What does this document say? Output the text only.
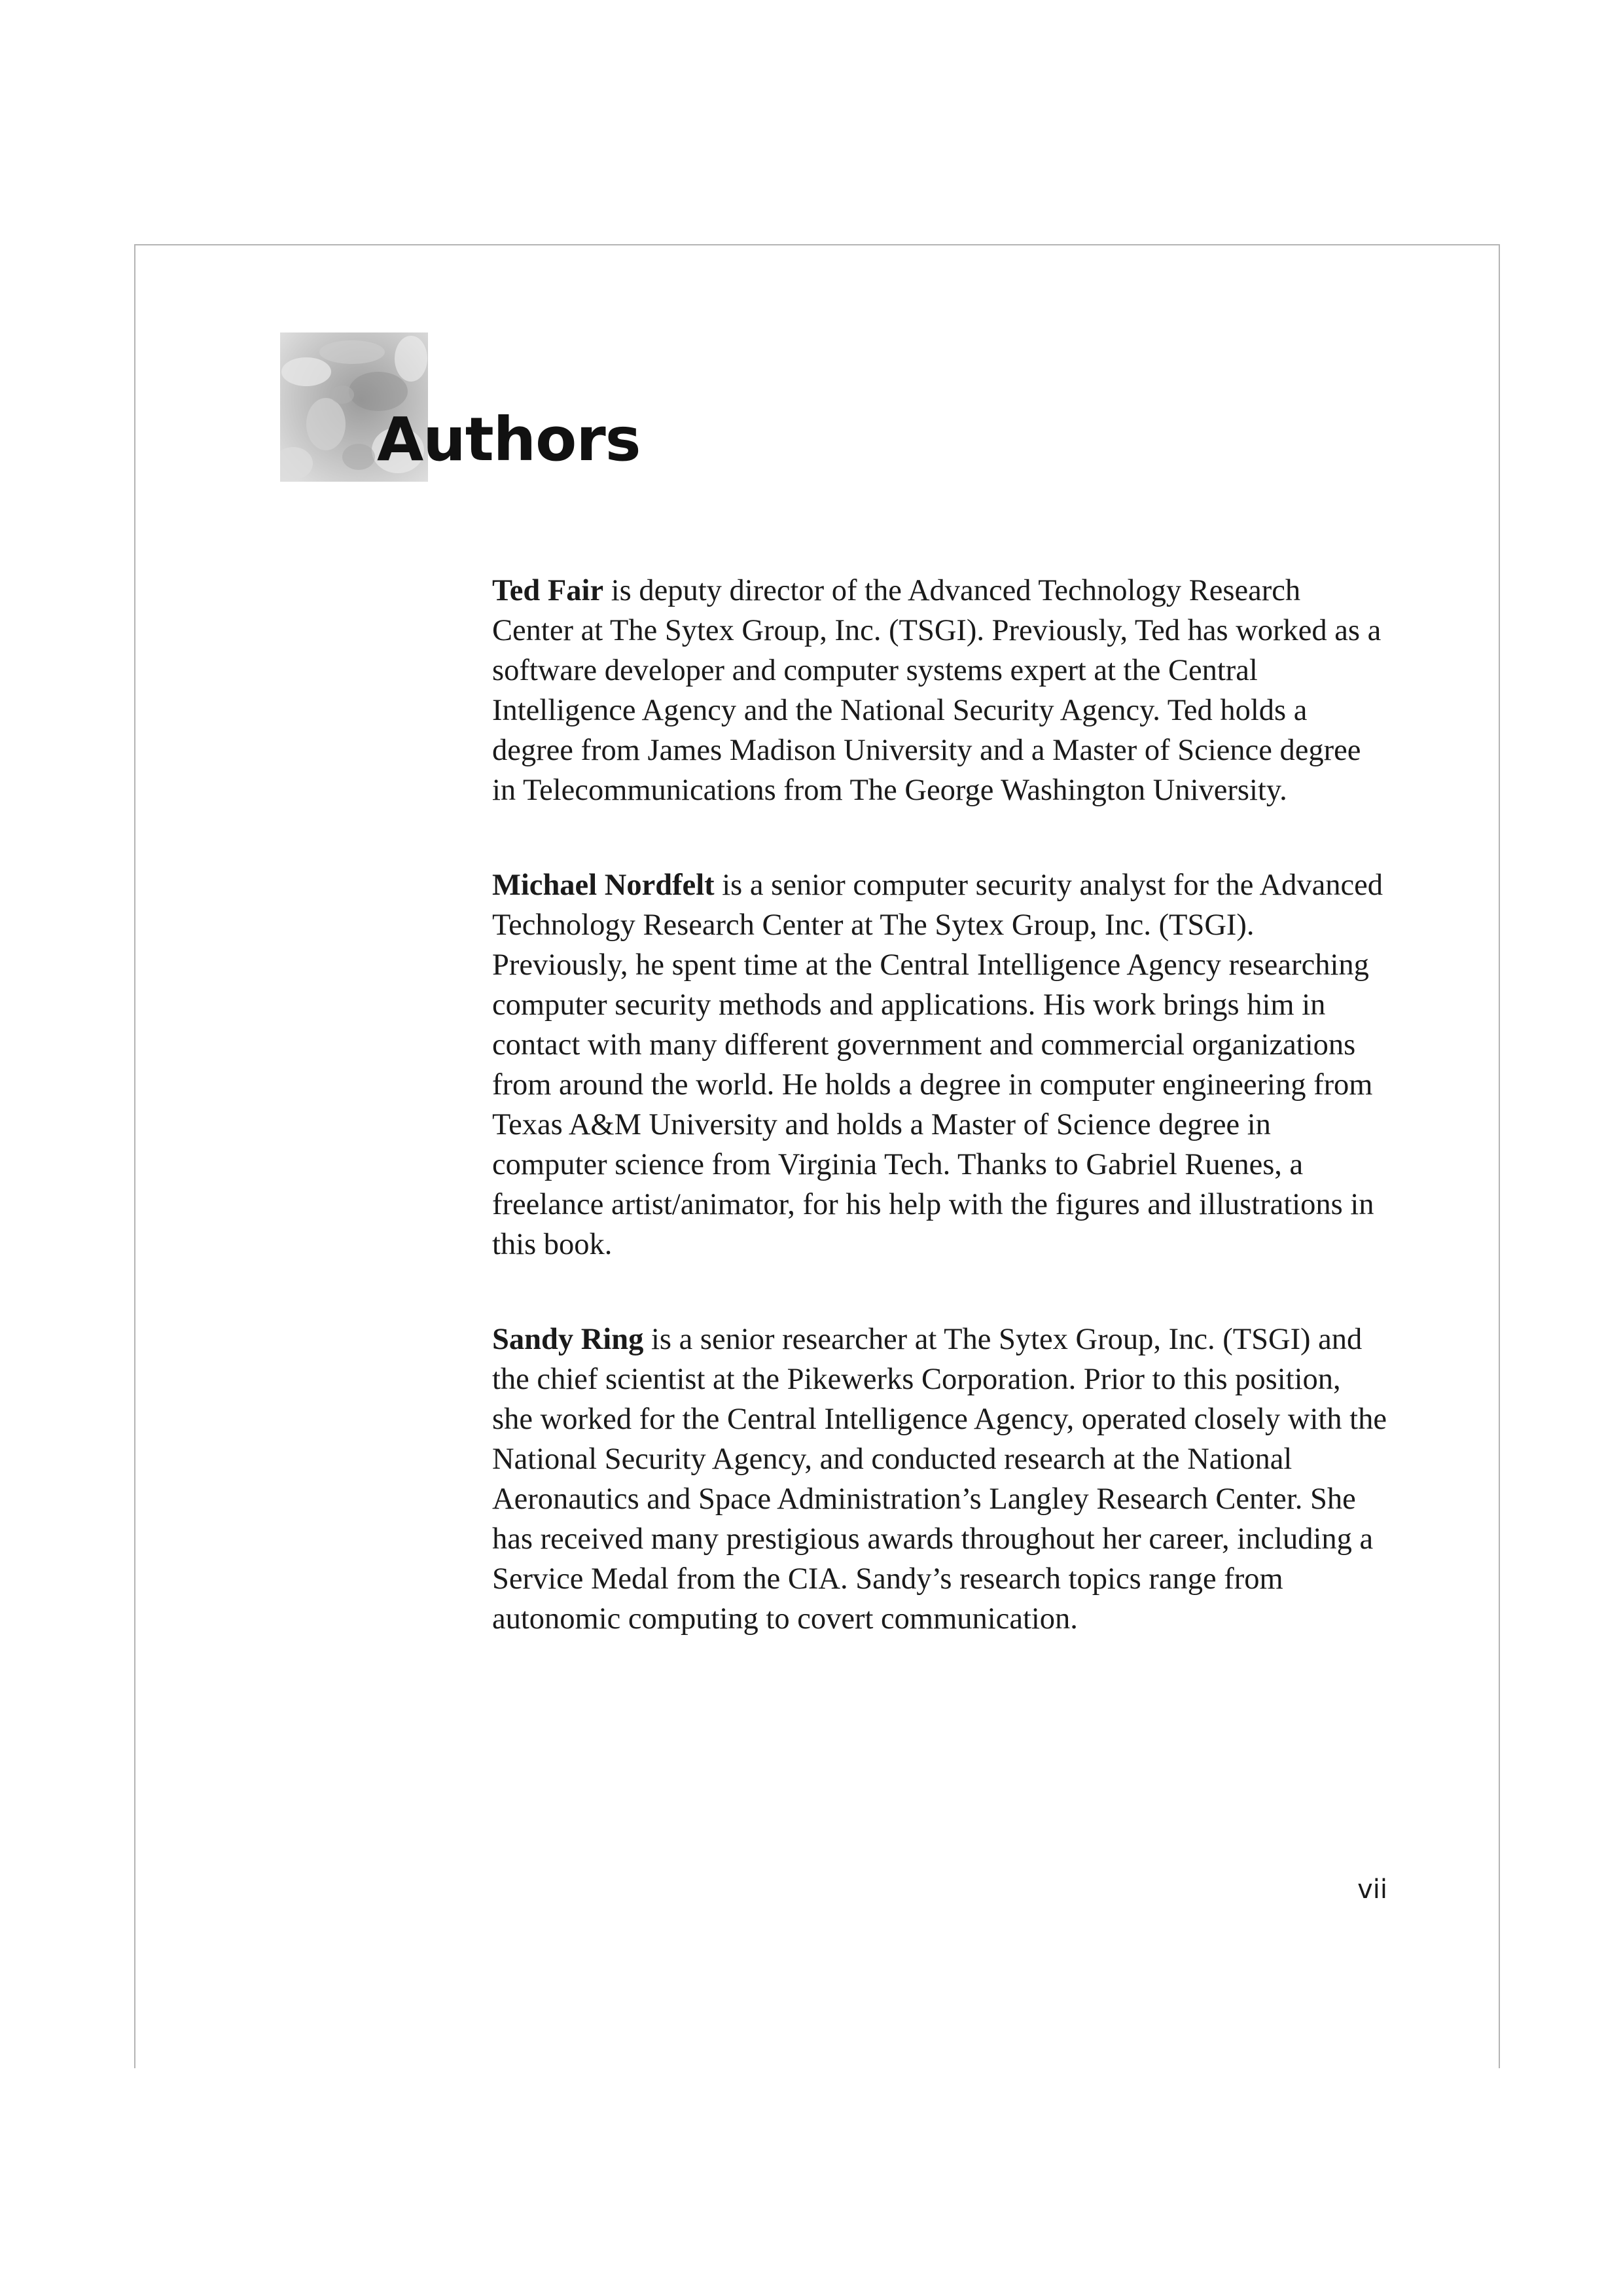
Authors

Ted Fair is deputy director of the Advanced Technology Research Center at The Sytex Group, Inc. (TSGI). Previously, Ted has worked as a software developer and computer systems expert at the Central Intelligence Agency and the National Security Agency. Ted holds a degree from James Madison University and a Master of Science degree in Telecommunications from The George Washington University.

Michael Nordfelt is a senior computer security analyst for the Advanced Technology Research Center at The Sytex Group, Inc. (TSGI). Previously, he spent time at the Central Intelligence Agency researching computer security methods and applications. His work brings him in contact with many different government and commercial organizations from around the world. He holds a degree in computer engineering from Texas A&M University and holds a Master of Science degree in computer science from Virginia Tech. Thanks to Gabriel Ruenes, a freelance artist/animator, for his help with the figures and illustrations in this book.

Sandy Ring is a senior researcher at The Sytex Group, Inc. (TSGI) and the chief scientist at the Pikewerks Corporation. Prior to this position, she worked for the Central Intelligence Agency, operated closely with the National Security Agency, and conducted research at the National Aeronautics and Space Administration’s Langley Research Center. She has received many prestigious awards throughout her career, including a Service Medal from the CIA. Sandy’s research topics range from autonomic computing to covert communication.

vii
